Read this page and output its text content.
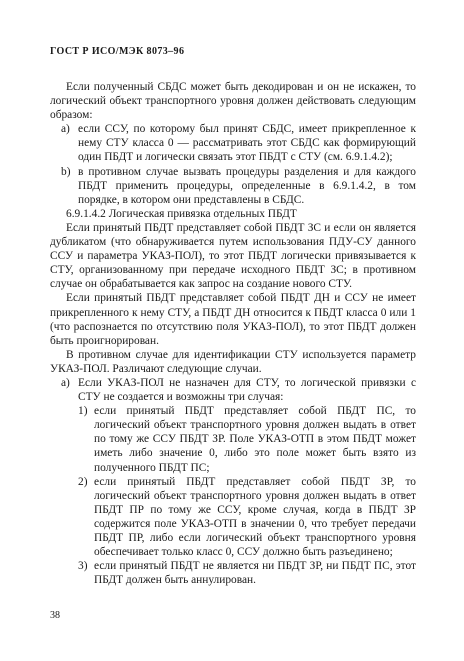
ГОСТ Р ИСО/МЭК 8073–96

Если полученный СБДС может быть декодирован и он не искажен, то логический объект транспортного уровня должен действовать следующим образом:

a) если ССУ, по которому был принят СБДС, имеет прикрепленное к нему СТУ класса 0 — рассматривать этот СБДС как формирующий один ПБДТ и логически связать этот ПБДТ с СТУ (см. 6.9.1.4.2);
b) в противном случае вызвать процедуры разделения и для каждого ПБДТ применить процедуры, определенные в 6.9.1.4.2, в том порядке, в котором они представлены в СБДС.

6.9.1.4.2 Логическая привязка отдельных ПБДТ

Если принятый ПБДТ представляет собой ПБДТ ЗС и если он является дубликатом (что обнаруживается путем использования ПДУ-СУ данного ССУ и параметра УКАЗ-ПОЛ), то этот ПБДТ логически привязывается к СТУ, организованному при передаче исходного ПБДТ ЗС; в противном случае он обрабатывается как запрос на создание нового СТУ.

Если принятый ПБДТ представляет собой ПБДТ ДН и ССУ не имеет прикрепленного к нему СТУ, а ПБДТ ДН относится к ПБДТ класса 0 или 1 (что распознается по отсутствию поля УКАЗ-ПОЛ), то этот ПБДТ должен быть проигнорирован.

В противном случае для идентификации СТУ используется параметр УКАЗ-ПОЛ. Различают следующие случаи.

a) Если УКАЗ-ПОЛ не назначен для СТУ, то логической привязки с СТУ не создается и возможны три случая:
1) если принятый ПБДТ представляет собой ПБДТ ПС, то логический объект транспортного уровня должен выдать в ответ по тому же ССУ ПБДТ ЗР. Поле УКАЗ-ОТП в этом ПБДТ может иметь либо значение 0, либо это поле может быть взято из полученного ПБДТ ПС;
2) если принятый ПБДТ представляет собой ПБДТ ЗР, то логический объект транспортного уровня должен выдать в ответ ПБДТ ПР по тому же ССУ, кроме случая, когда в ПБДТ ЗР содержится поле УКАЗ-ОТП в значении 0, что требует передачи ПБДТ ПР, либо если логический объект транспортного уровня обеспечивает только класс 0, ССУ должно быть разъединено;
3) если принятый ПБДТ не является ни ПБДТ ЗР, ни ПБДТ ПС, этот ПБДТ должен быть аннулирован.
38
